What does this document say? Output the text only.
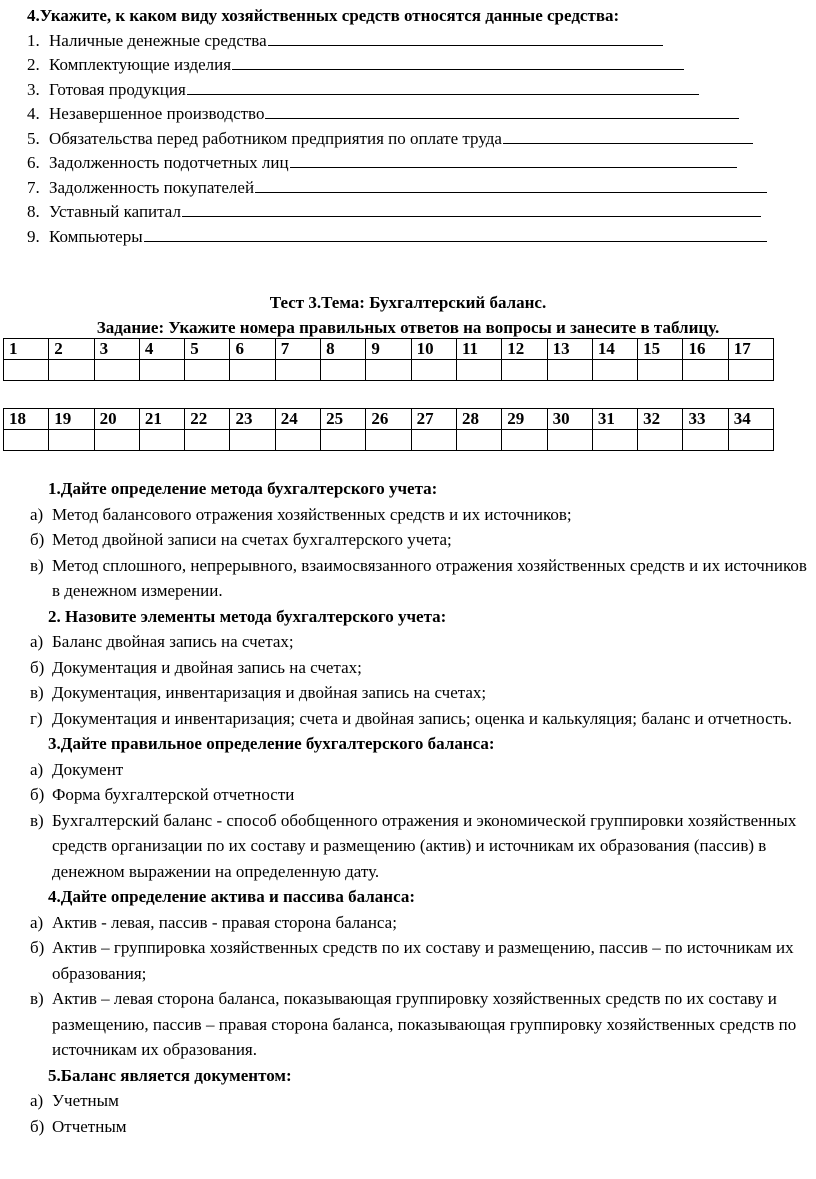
4.Укажите, к каком виду хозяйственных средств относятся данные средства:
1. Наличные денежные средства
2. Комплектующие изделия
3. Готовая продукция
4. Незавершенное производство
5. Обязательства перед работником предприятия по оплате труда
6. Задолженность подотчетных лиц
7. Задолженность покупателей
8. Уставный капитал
9. Компьютеры
Тест 3.Тема: Бухгалтерский баланс.
Задание: Укажите номера правильных ответов на вопросы и занесите в таблицу.
1	2	3	4	5	6	7	8	9	10	11	12	13	14	15	16	17

18	19	20	21	22	23	24	25	26	27	28	29	30	31	32	33	34

1.Дайте определение метода бухгалтерского учета:
а) Метод балансового отражения хозяйственных средств и их источников;
б) Метод двойной записи на счетах бухгалтерского учета;
в) Метод сплошного, непрерывного, взаимосвязанного отражения хозяйственных средств и их источников в денежном измерении.
2. Назовите элементы метода бухгалтерского учета:
а) Баланс двойная запись на счетах;
б) Документация и двойная запись на счетах;
в) Документация, инвентаризация и двойная запись на счетах;
г) Документация и инвентаризация; счета и двойная запись; оценка и калькуляция; баланс и отчетность.
3.Дайте правильное определение бухгалтерского баланса:
а) Документ
б) Форма бухгалтерской отчетности
в) Бухгалтерский баланс - способ обобщенного отражения и экономической группировки хозяйственных средств организации по их составу и размещению (актив) и источникам их образования (пассив) в денежном выражении на определенную дату.
4.Дайте определение актива и пассива баланса:
а) Актив - левая, пассив - правая сторона баланса;
б) Актив – группировка хозяйственных средств по их составу и размещению, пассив – по источникам их образования;
в) Актив – левая сторона баланса, показывающая группировку хозяйственных средств по их составу и размещению, пассив – правая сторона баланса, показывающая группировку хозяйственных средств по источникам их образования.
5.Баланс является документом:
а) Учетным
б) Отчетным
